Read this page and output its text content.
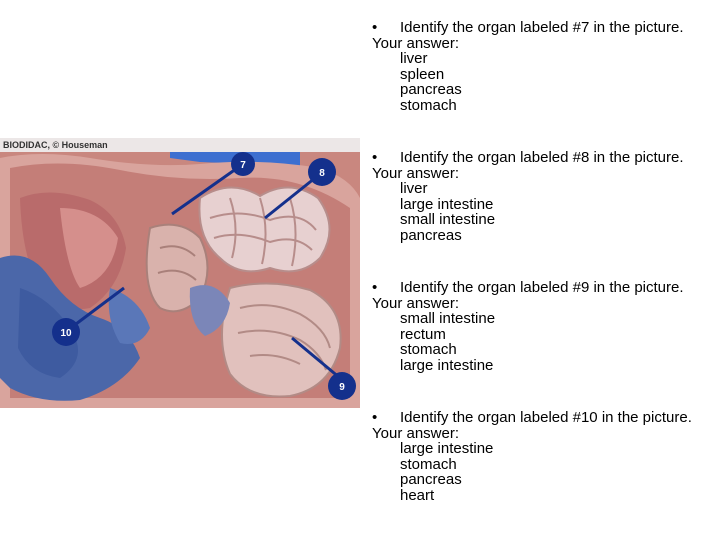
BIODIDAC, © Houseman
7
8
9
10
•	Identify the organ labeled #7 in the picture.
Your answer:
liver
spleen
pancreas
stomach
•	Identify the organ labeled #8 in the picture.
Your answer:
liver
large intestine
small intestine
pancreas
•	Identify the organ labeled #9 in the picture.
Your answer:
small intestine
rectum
stomach
large intestine
•	Identify the organ labeled #10 in the picture.
Your answer:
large intestine
stomach
pancreas
heart
